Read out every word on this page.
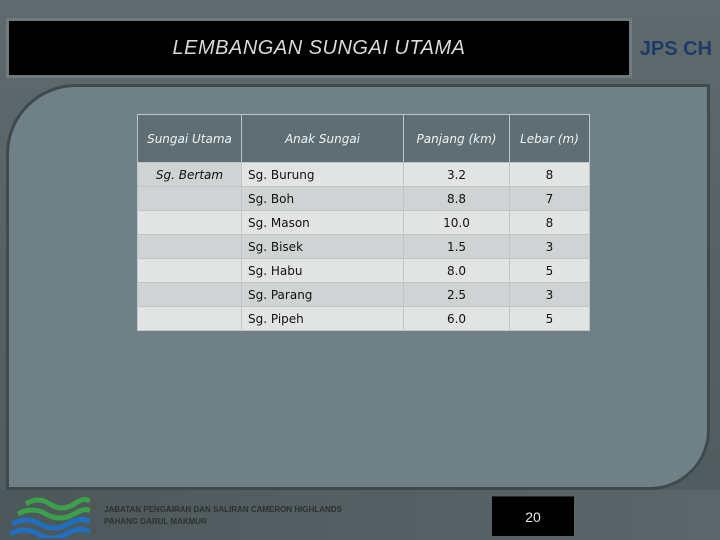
LEMBANGAN SUNGAI UTAMA	JPS CH
Sungai Utama	Anak Sungai	Panjang (km)	Lebar (m)
Sg. Bertam	Sg. Burung	3.2	8
	Sg. Boh	8.8	7
	Sg. Mason	10.0	8
	Sg. Bisek	1.5	3
	Sg. Habu	8.0	5
	Sg. Parang	2.5	3
	Sg. Pipeh	6.0	5
JABATAN PENGAIRAN DAN SALIRAN CAMERON HIGHLANDS
PAHANG DARUL MAKMUR	20
